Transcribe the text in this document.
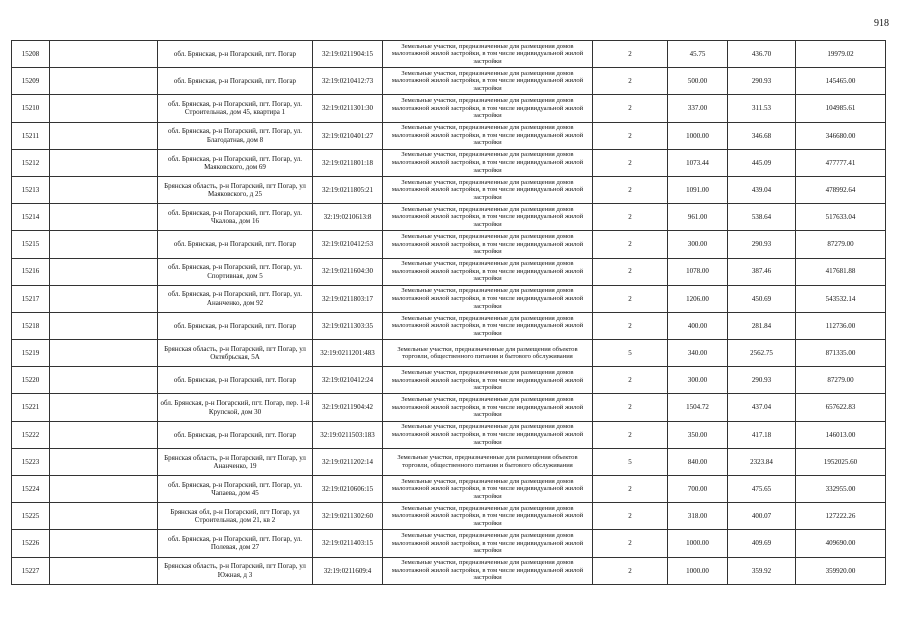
918
15208		обл. Брянская, р-н Погарский, пгт. Погар	32:19:0211904:15	Земельные участки, предназначенные для размещения домов малоэтажной жилой застройки, в том числе индивидуальной жилой застройки	2	45.75	436.70	19979.02
15209		обл. Брянская, р-н Погарский, пгт. Погар	32:19:0210412:73	Земельные участки, предназначенные для размещения домов малоэтажной жилой застройки, в том числе индивидуальной жилой застройки	2	500.00	290.93	145465.00
15210		обл. Брянская, р-н Погарский, пгт. Погар, ул. Строительная, дом 45, квартира 1	32:19:0211301:30	Земельные участки, предназначенные для размещения домов малоэтажной жилой застройки, в том числе индивидуальной жилой застройки	2	337.00	311.53	104985.61
15211		обл. Брянская, р-н Погарский, пгт. Погар, ул. Благодатная, дом 8	32:19:0210401:27	Земельные участки, предназначенные для размещения домов малоэтажной жилой застройки, в том числе индивидуальной жилой застройки	2	1000.00	346.68	346680.00
15212		обл. Брянская, р-н Погарский, пгт. Погар, ул. Маяковского, дом 69	32:19:0211801:18	Земельные участки, предназначенные для размещения домов малоэтажной жилой застройки, в том числе индивидуальной жилой застройки	2	1073.44	445.09	477777.41
15213		Брянская область, р-н Погарский, пгт Погар, ул Маяковского, д 25	32:19:0211805:21	Земельные участки, предназначенные для размещения домов малоэтажной жилой застройки, в том числе индивидуальной жилой застройки	2	1091.00	439.04	478992.64
15214		обл. Брянская, р-н Погарский, пгт. Погар, ул. Чкалова, дом 16	32:19:0210613:8	Земельные участки, предназначенные для размещения домов малоэтажной жилой застройки, в том числе индивидуальной жилой застройки	2	961.00	538.64	517633.04
15215		обл. Брянская, р-н Погарский, пгт. Погар	32:19:0210412:53	Земельные участки, предназначенные для размещения домов малоэтажной жилой застройки, в том числе индивидуальной жилой застройки	2	300.00	290.93	87279.00
15216		обл. Брянская, р-н Погарский, пгт. Погар, ул. Спортивная, дом 5	32:19:0211604:30	Земельные участки, предназначенные для размещения домов малоэтажной жилой застройки, в том числе индивидуальной жилой застройки	2	1078.00	387.46	417681.88
15217		обл. Брянская, р-н Погарский, пгт. Погар, ул. Ананченко, дом 92	32:19:0211803:17	Земельные участки, предназначенные для размещения домов малоэтажной жилой застройки, в том числе индивидуальной жилой застройки	2	1206.00	450.69	543532.14
15218		обл. Брянская, р-н Погарский, пгт. Погар	32:19:0211303:35	Земельные участки, предназначенные для размещения домов малоэтажной жилой застройки, в том числе индивидуальной жилой застройки	2	400.00	281.84	112736.00
15219		Брянская область, р-н Погарский, пгт Погар, ул Октябрьская, 5А	32:19:0211201:483	Земельные участки, предназначенные для размещения объектов торговли, общественного питания и бытового обслуживания	5	340.00	2562.75	871335.00
15220		обл. Брянская, р-н Погарский, пгт. Погар	32:19:0210412:24	Земельные участки, предназначенные для размещения домов малоэтажной жилой застройки, в том числе индивидуальной жилой застройки	2	300.00	290.93	87279.00
15221		обл. Брянская, р-н Погарский, пгт. Погар, пер. 1-й Крупской, дом 30	32:19:0211904:42	Земельные участки, предназначенные для размещения домов малоэтажной жилой застройки, в том числе индивидуальной жилой застройки	2	1504.72	437.04	657622.83
15222		обл. Брянская, р-н Погарский, пгт. Погар	32:19:0211503:183	Земельные участки, предназначенные для размещения домов малоэтажной жилой застройки, в том числе индивидуальной жилой застройки	2	350.00	417.18	146013.00
15223		Брянская область, р-н Погарский, пгт Погар, ул Ананченко, 19	32:19:0211202:14	Земельные участки, предназначенные для размещения объектов торговли, общественного питания и бытового обслуживания	5	840.00	2323.84	1952025.60
15224		обл. Брянская, р-н Погарский, пгт. Погар, ул. Чапаева, дом 45	32:19:0210606:15	Земельные участки, предназначенные для размещения домов малоэтажной жилой застройки, в том числе индивидуальной жилой застройки	2	700.00	475.65	332955.00
15225		Брянская обл, р-н Погарский, пгт Погар, ул Строительная, дом 21, кв 2	32:19:0211302:60	Земельные участки, предназначенные для размещения домов малоэтажной жилой застройки, в том числе индивидуальной жилой застройки	2	318.00	400.07	127222.26
15226		обл. Брянская, р-н Погарский, пгт. Погар, ул. Полевая, дом 27	32:19:0211403:15	Земельные участки, предназначенные для размещения домов малоэтажной жилой застройки, в том числе индивидуальной жилой застройки	2	1000.00	409.69	409690.00
15227		Брянская область, р-н Погарский, пгт Погар, ул Южная, д 3	32:19:0211609:4	Земельные участки, предназначенные для размещения домов малоэтажной жилой застройки, в том числе индивидуальной жилой застройки	2	1000.00	359.92	359920.00
